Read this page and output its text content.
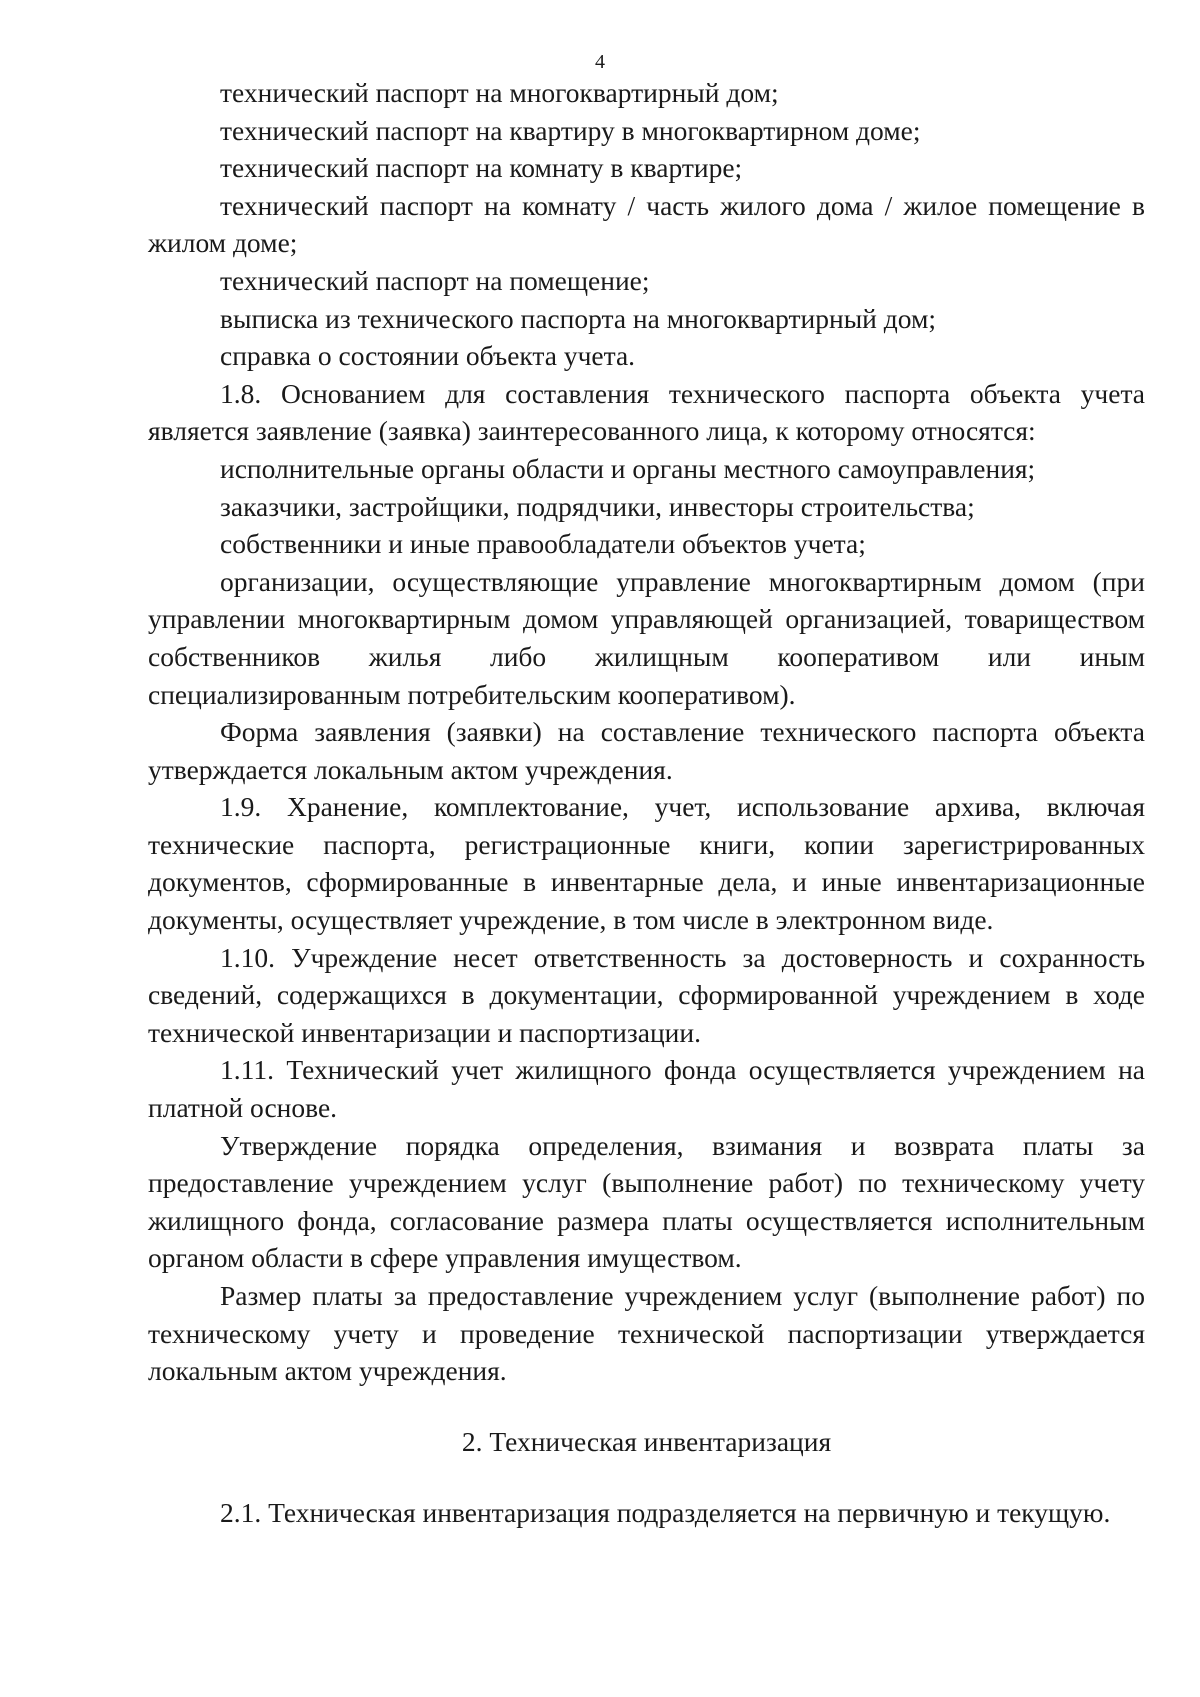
4

технический паспорт на многоквартирный дом;

технический паспорт на квартиру в многоквартирном доме;

технический паспорт на комнату в квартире;

технический паспорт на комнату / часть жилого дома / жилое помещение в жилом доме;

технический паспорт на помещение;

выписка из технического паспорта на многоквартирный дом;

справка о состоянии объекта учета.

1.8. Основанием для составления технического паспорта объекта учета является заявление (заявка) заинтересованного лица, к которому относятся:

исполнительные органы области и органы местного самоуправления;

заказчики, застройщики, подрядчики, инвесторы строительства;

собственники и иные правообладатели объектов учета;

организации, осуществляющие управление многоквартирным домом (при управлении многоквартирным домом управляющей организацией, товариществом собственников жилья либо жилищным кооперативом или иным специализированным потребительским кооперативом).

Форма заявления (заявки) на составление технического паспорта объекта утверждается локальным актом учреждения.

1.9. Хранение, комплектование, учет, использование архива, включая технические паспорта, регистрационные книги, копии зарегистрированных документов, сформированные в инвентарные дела, и иные инвентаризационные документы, осуществляет учреждение, в том числе в электронном виде.

1.10. Учреждение несет ответственность за достоверность и сохранность сведений, содержащихся в документации, сформированной учреждением в ходе технической инвентаризации и паспортизации.

1.11. Технический учет жилищного фонда осуществляется учреждением на платной основе.

Утверждение порядка определения, взимания и возврата платы за предоставление учреждением услуг (выполнение работ) по техническому учету жилищного фонда, согласование размера платы осуществляется исполнительным органом области в сфере управления имуществом.

Размер платы за предоставление учреждением услуг (выполнение работ) по техническому учету и проведение технической паспортизации утверждается локальным актом учреждения.

2. Техническая инвентаризация

2.1. Техническая инвентаризация подразделяется на первичную и текущую.
